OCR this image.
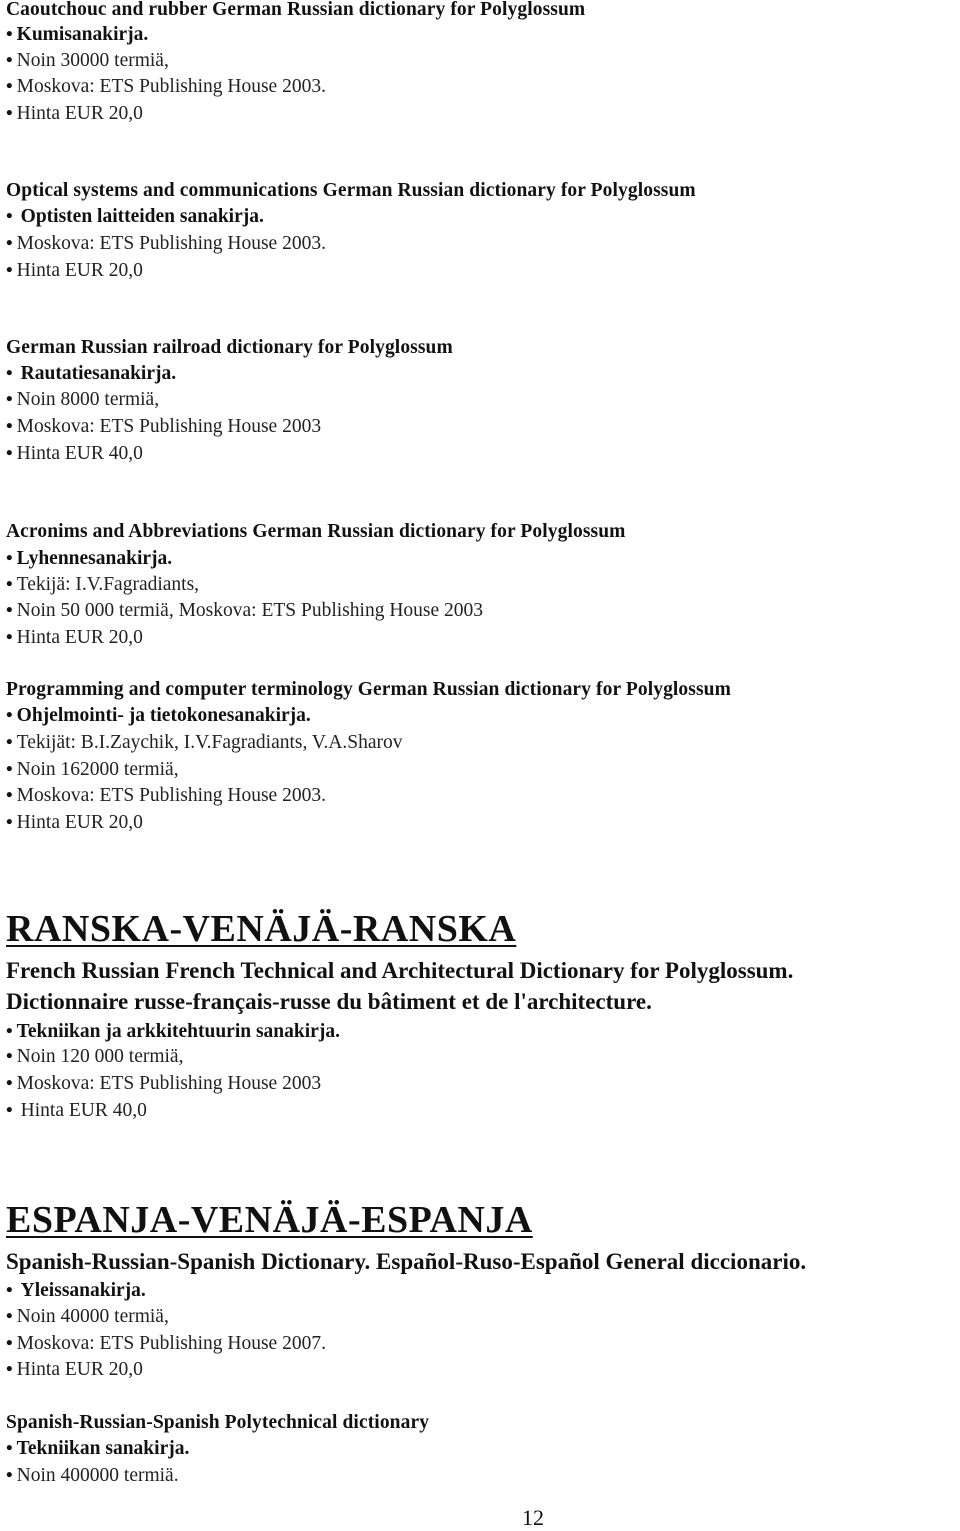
Caoutchouc and rubber German Russian dictionary for Polyglossum
• Kumisanakirja.
• Noin 30000 termiä,
• Moskova: ETS Publishing House 2003.
• Hinta EUR 20,0
Optical systems and communications German Russian dictionary for Polyglossum
• Optisten laitteiden sanakirja.
• Moskova: ETS Publishing House 2003.
• Hinta EUR 20,0
German Russian railroad dictionary for Polyglossum
• Rautatiesanakirja.
• Noin 8000 termiä,
• Moskova: ETS Publishing House 2003
• Hinta EUR 40,0
Acronims and Abbreviations German Russian dictionary for Polyglossum
• Lyhennesanakirja.
• Tekijä: I.V.Fagradiants,
• Noin 50 000 termiä, Moskova: ETS Publishing House 2003
• Hinta EUR 20,0
Programming and computer terminology German Russian dictionary for Polyglossum
• Ohjelmointi- ja tietokonesanakirja.
• Tekijät: B.I.Zaychik, I.V.Fagradiants, V.A.Sharov
• Noin 162000 termiä,
• Moskova: ETS Publishing House 2003.
• Hinta EUR 20,0
RANSKA-VENÄJÄ-RANSKA
French Russian French Technical and Architectural Dictionary for Polyglossum.
Dictionnaire russe-français-russe du bâtiment et de l'architecture.
• Tekniikan ja arkkitehtuurin sanakirja.
• Noin 120 000 termiä,
• Moskova: ETS Publishing House 2003
• Hinta EUR 40,0
ESPANJA-VENÄJÄ-ESPANJA
Spanish-Russian-Spanish Dictionary. Español-Ruso-Español General diccionario.
• Yleissanakirja.
• Noin 40000 termiä,
• Moskova: ETS Publishing House 2007.
• Hinta EUR 20,0
Spanish-Russian-Spanish Polytechnical dictionary
• Tekniikan sanakirja.
• Noin 400000 termiä.
12
